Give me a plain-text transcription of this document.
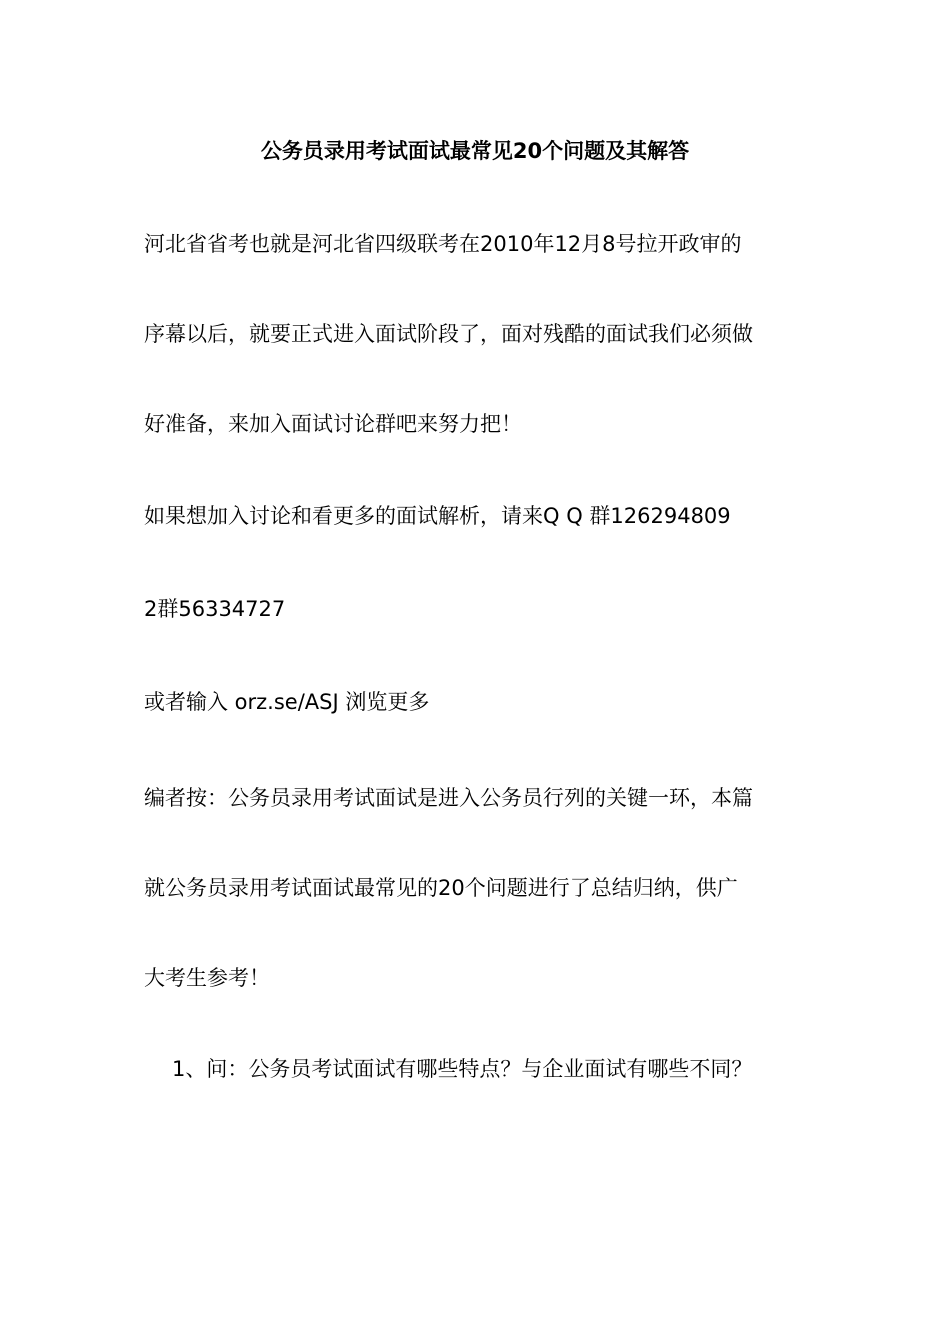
公务员录用考试面试最常见20个问题及其解答
河北省省考也就是河北省四级联考在2010年12月8号拉开政审的
序幕以后，就要正式进入面试阶段了，面对残酷的面试我们必须做
好准备，来加入面试讨论群吧来努力把！
如果想加入讨论和看更多的面试解析，请来Q Q 群126294809
2群56334727
或者输入 orz.se/ASJ 浏览更多
编者按：公务员录用考试面试是进入公务员行列的关键一环，本篇
就公务员录用考试面试最常见的20个问题进行了总结归纳，供广
大考生参考！
1、问：公务员考试面试有哪些特点？与企业面试有哪些不同？
